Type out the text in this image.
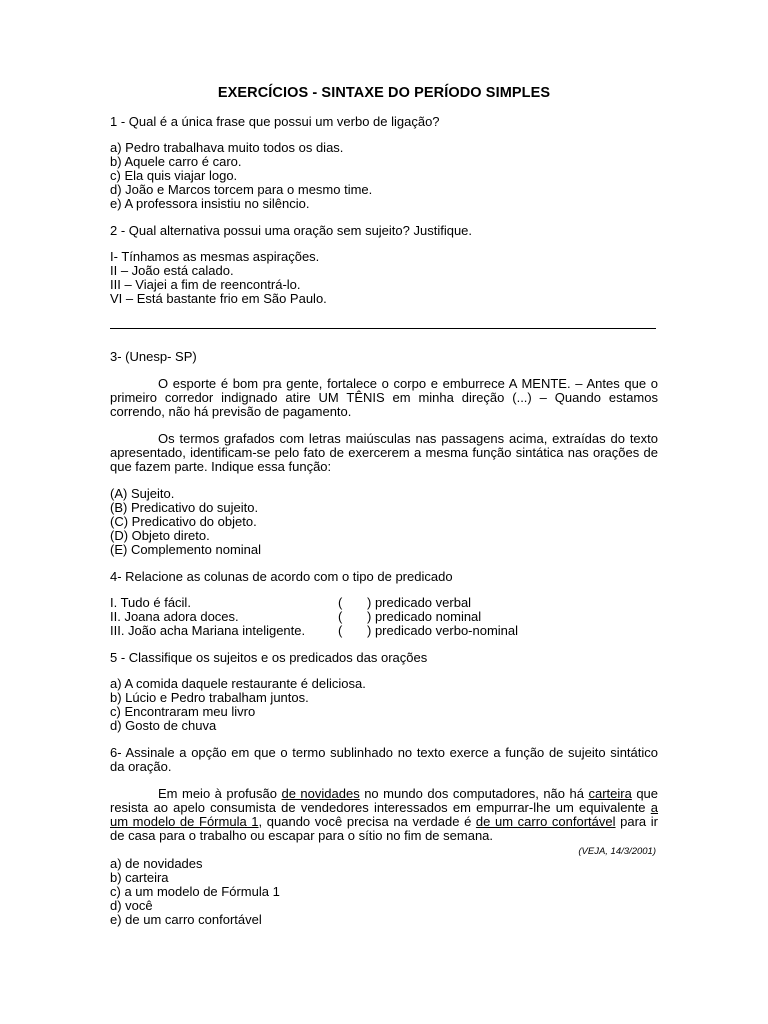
EXERCÍCIOS - SINTAXE DO PERÍODO SIMPLES

1 - Qual é a única frase que possui um verbo de ligação?

a) Pedro trabalhava muito todos os dias.
b) Aquele carro é caro.
c) Ela quis viajar logo.
d) João e Marcos torcem para o mesmo time.
e) A professora insistiu no silêncio.

2 - Qual alternativa possui uma oração sem sujeito? Justifique.

I- Tínhamos as mesmas aspirações.
II – João está calado.
III – Viajei a fim de reencontrá-lo.
VI – Está bastante frio em São Paulo.

3- (Unesp- SP)

O esporte é bom pra gente, fortalece o corpo e emburrece A MENTE. – Antes que o primeiro corredor indignado atire UM TÊNIS em minha direção (...) – Quando estamos correndo, não há previsão de pagamento.

Os termos grafados com letras maiúsculas nas passagens acima, extraídas do texto apresentado, identificam-se pelo fato de exercerem a mesma função sintática nas orações de que fazem parte. Indique essa função:

(A) Sujeito.
(B) Predicativo do sujeito.
(C) Predicativo do objeto.
(D) Objeto direto.
(E) Complemento nominal

4- Relacione as colunas de acordo com o tipo de predicado

I. Tudo é fácil.	(	) predicado verbal
II. Joana adora doces.	(	) predicado nominal
III. João acha Mariana inteligente.	(	) predicado verbo-nominal

5 - Classifique os sujeitos e os predicados das orações

a) A comida daquele restaurante é deliciosa.
b) Lúcio e Pedro trabalham juntos.
c) Encontraram meu livro
d) Gosto de chuva

6- Assinale a opção em que o termo sublinhado no texto exerce a função de sujeito sintático da oração.

Em meio à profusão de novidades no mundo dos computadores, não há carteira que resista ao apelo consumista de vendedores interessados em empurrar-lhe um equivalente a um modelo de Fórmula 1, quando você precisa na verdade é de um carro confortável para ir de casa para o trabalho ou escapar para o sítio no fim de semana.

(VEJA, 14/3/2001)

a) de novidades
b) carteira
c) a um modelo de Fórmula 1
d) você
e) de um carro confortável
